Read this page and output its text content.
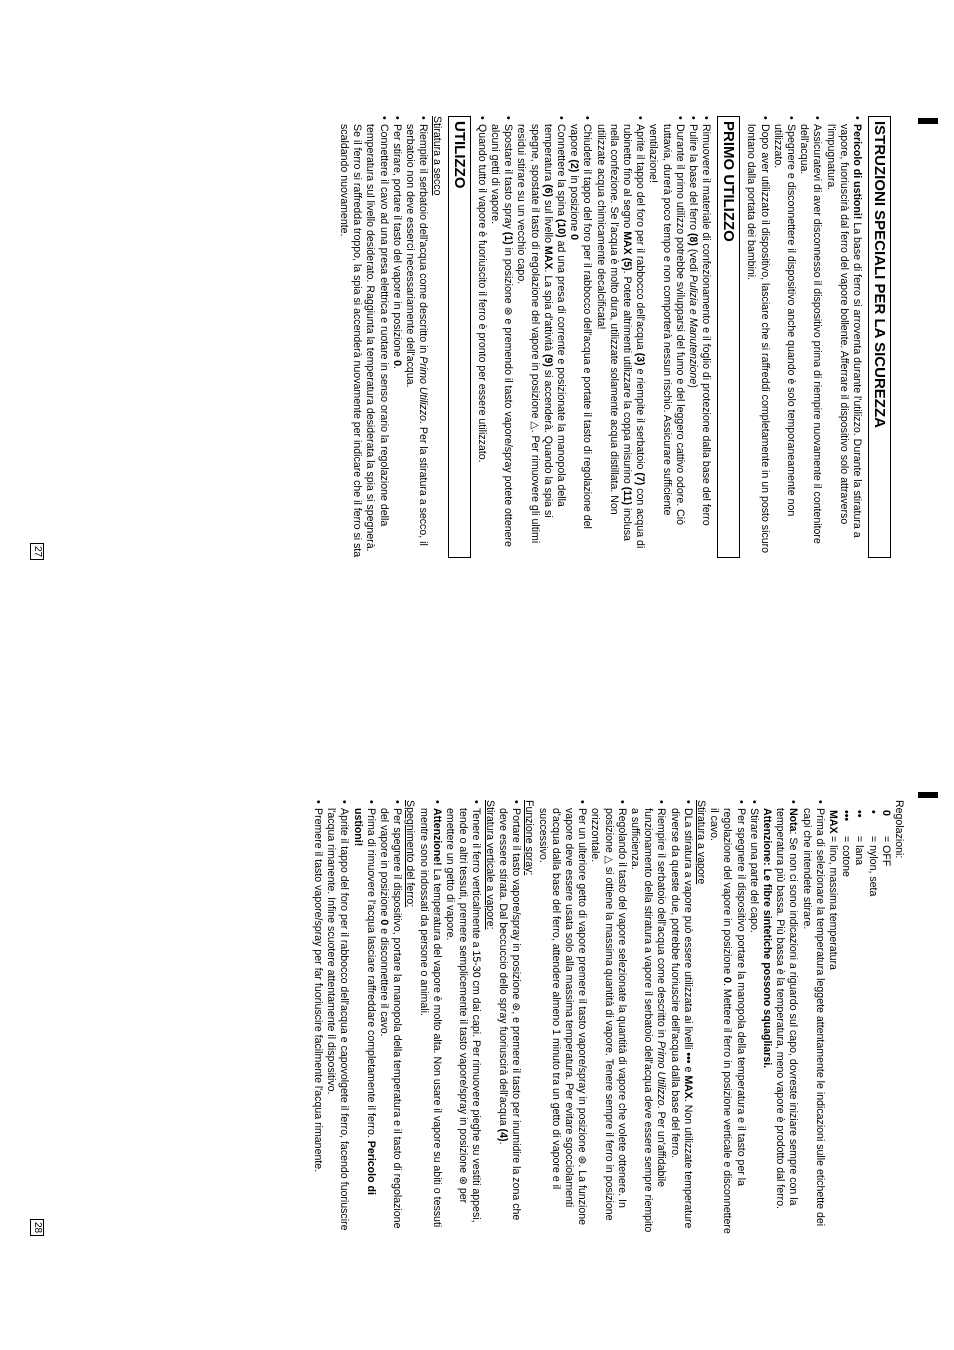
27
28
ISTRUZIONI SPECIALI PER LA SICUREZZA

• Pericolo di ustioni! La base di ferro si arroventa durante l'utilizzo. Durante la stiratura a vapore, fuoriuscirà dal ferro del vapore bollente. Afferrare il dispositivo solo attraverso l'impugnatura.

• Assicuratevi di aver disconnesso il dispositivo prima di riempire nuovamente il contenitore dell'acqua.

• Spegnere e disconnettere il dispositivo anche quando è solo temporaneamente non utilizzato.

• Dopo aver utilizzato il dispositivo, lasciare che si raffreddi completamente in un posto sicuro lontano dalla portata dei bambini.

PRIMO UTILIZZO

• Rimuovere il materiale di confezionamento e il foglio di protezione dalla base del ferro

• Pulire la base del ferro (8) (vedi Pulizia e Manutenzione)

• Durante il primo utilizzo potrebbe svilupparsi del fumo e del leggero cattivo odore. Ciò tuttavia, durerà poco tempo e non comporterà nessun rischio. Assicurare sufficiente ventilazione!

• Aprite il tappo del foro per il rabbocco dell'acqua (3) e riempite il serbatoio (7) con acqua di rubinetto fino al segno MAX (5). Potete altrimenti utilizzare la coppa misurino (11) inclusa nella confezione. Se l'acqua è molto dura, utilizzate solamente acqua distillata. Non utilizzate acqua chimicamente decalcificata!

• Chiudete il tappo del foro per il rabbocco dell'acqua e portate il tasto di regolazione del vapore (2) in posizione 0

• Connettere la spina (10) ad una presa di corrente e posizionate la manopola della temperatura (6) sul livello MAX. La spia d'attività (9) si accenderà. Quando la spia si spegne, spostate il tasto di regolazione del vapore in posizione △. Per rimuovere gli ultimi residui stirare su un vecchio capo.

• Spostare il tasto spray (1) in posizione ⊛ e premendo il tasto vapore/spray potete ottenere alcuni getti di vapore.

• Quando tutto il vapore è fuoriuscito il ferro è pronto per essere utilizzato.

UTILIZZO

Stiratura a secco

• Riempite il serbatoio dell'acqua come descritto in Primo Utilizzo. Per la stiratura a secco, il serbatoio non deve esserci necessariamente dell'acqua.

• Per stirare, portare il tasto del vapore in posizione 0.

• Connettere il cavo ad una presa elettrica e ruotare in senso orario la regolazione della temperatura sul livello desiderato. Raggiunta la temperatura desiderata la spia si spegnerà. Se il ferro si raffredda troppo, la spia si accenderà nuovamente per indicare che il ferro si sta scaldando nuovamente.

Regolazioni:

0
= OFF
•
= nylon, seta
••
= lana
•••
= cotone
MAX
= lino, massima temperatura

• Prima di selezionare la temperatura leggete attentamente le indicazioni sulle etichette dei capi che intendete stirare.

• Nota: Se non ci sono indicazioni a riguardo sul capo, dovreste iniziare sempre con la temperatura più bassa. Più bassa è la temperatura, meno vapore è prodotto dal ferro.

Attenzione: Le fibre sintetiche possono squagliarsi.

• Stirare una parte del capo.

• Per spegnere il dispositivo portare la manopola della temperatura e il tasto per la regolazione del vapore in posizione 0. Mettere il ferro in posizione verticale e disconnettere il cavo.

Stiratura a vapore

• DLa stiratura a vapore può essere utilizzata ai livelli ••• e MAX. Non utilizzate temperature diverse da queste due, potrebbe fuoriuscire dell'acqua dalla base del ferro.

• Riempire il serbatoio dell'acqua come descritto in Primo Utilizzo. Per un'affidabile funzionamento della stiratura a vapore il serbatoio dell'acqua deve essere sempre riempito a sufficienza.

• Regolando il tasto del vapore selezionate la quantità di vapore che volete ottenere. In posizione △ si ottiene la massima quantità di vapore. Tenere sempre il ferro in posizione orizzontale.

• Per un ulteriore getto di vapore premere il tasto vapore/spray in posizione ⊛. La funzione vapore deve essere usata solo alla massima temperatura. Per evitare sgocciolamenti d'acqua dalla base del ferro, attendere almeno 1 minuto tra un getto di vapore e il successivo.

Funzione spray:

• Portare il tasto vapore/spray in posizione ⊛, e premere il tasto per inumidire la zona che deve essere stirata. Dal beccuccio dello spray fuoriuscirà dell'acqua (4).

Stiratura verticale a vapore:

• Tenere il ferro verticalmente a 15-30 cm dai capi. Per rimuovere pieghe su vestiti appesi, tende o altri tessuti, premere semplicemente il tasto vapore/spray in posizione ⊛ per emettere un getto di vapore.

• Attenzione! La temperatura del vapore è molto alta. Non usare il vapore su abiti o tessuti mentre sono indossati da persone o animali.

Spegnimento del ferro:

• Per spegnere il dispositivo, portare la manopola della temperatura e il tasto di regolazione del vapore in posizione 0 e disconnettere il cavo.

• Prima di rimuovere l'acqua lasciare raffreddare completamente il ferro. Pericolo di ustioni!

• Aprite il tappo del foro per il rabbocco dell'acqua e capovolgete il ferro, facendo fuoriuscire l'acqua rimanente. Infine scuotere attentamente il dispositivo.

• Premere il tasto vapore/spray per far fuoriuscire facilmente l'acqua rimanente.
